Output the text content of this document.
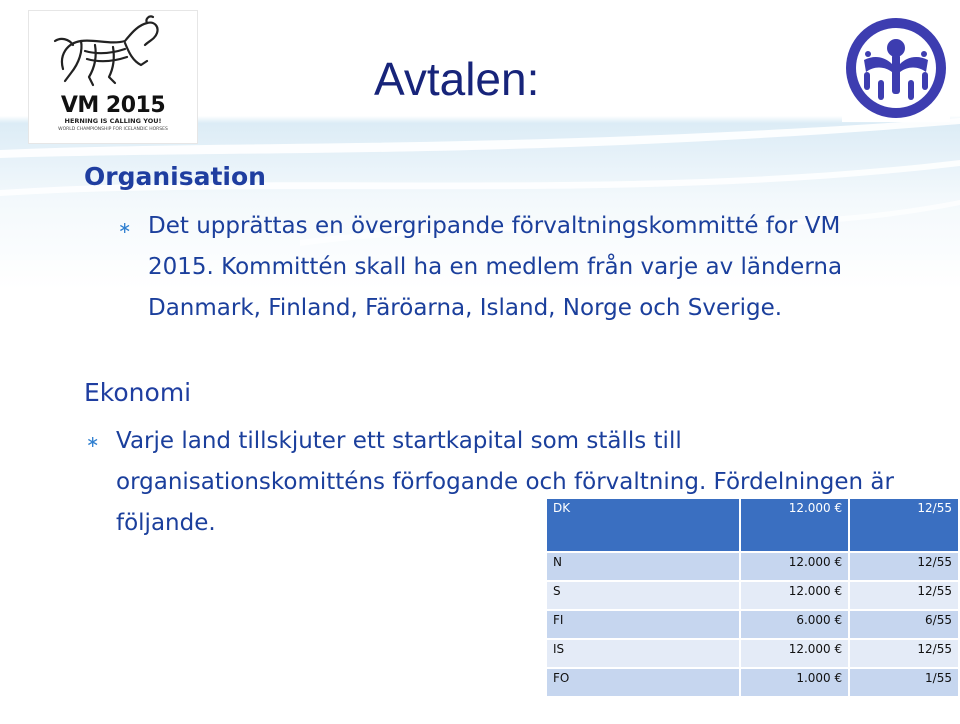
VM 2015
HERNING IS CALLING YOU!
WORLD CHAMPIONSHIP FOR ICELANDIC HORSES
Avtalen:
Organisation
∗ Det upprättas en övergripande förvaltningskommitté for VM 2015. Kommittén skall ha en medlem från varje av länderna Danmark, Finland, Färöarna, Island, Norge och Sverige.
Ekonomi
∗ Varje land tillskjuter ett startkapital som ställs till organisationskomitténs förfogande och förvaltning. Fördelningen är följande.
DK	12.000 €	12/55
N	12.000 €	12/55
S	12.000 €	12/55
FI	6.000 €	6/55
IS	12.000 €	12/55
FO	1.000 €	1/55
